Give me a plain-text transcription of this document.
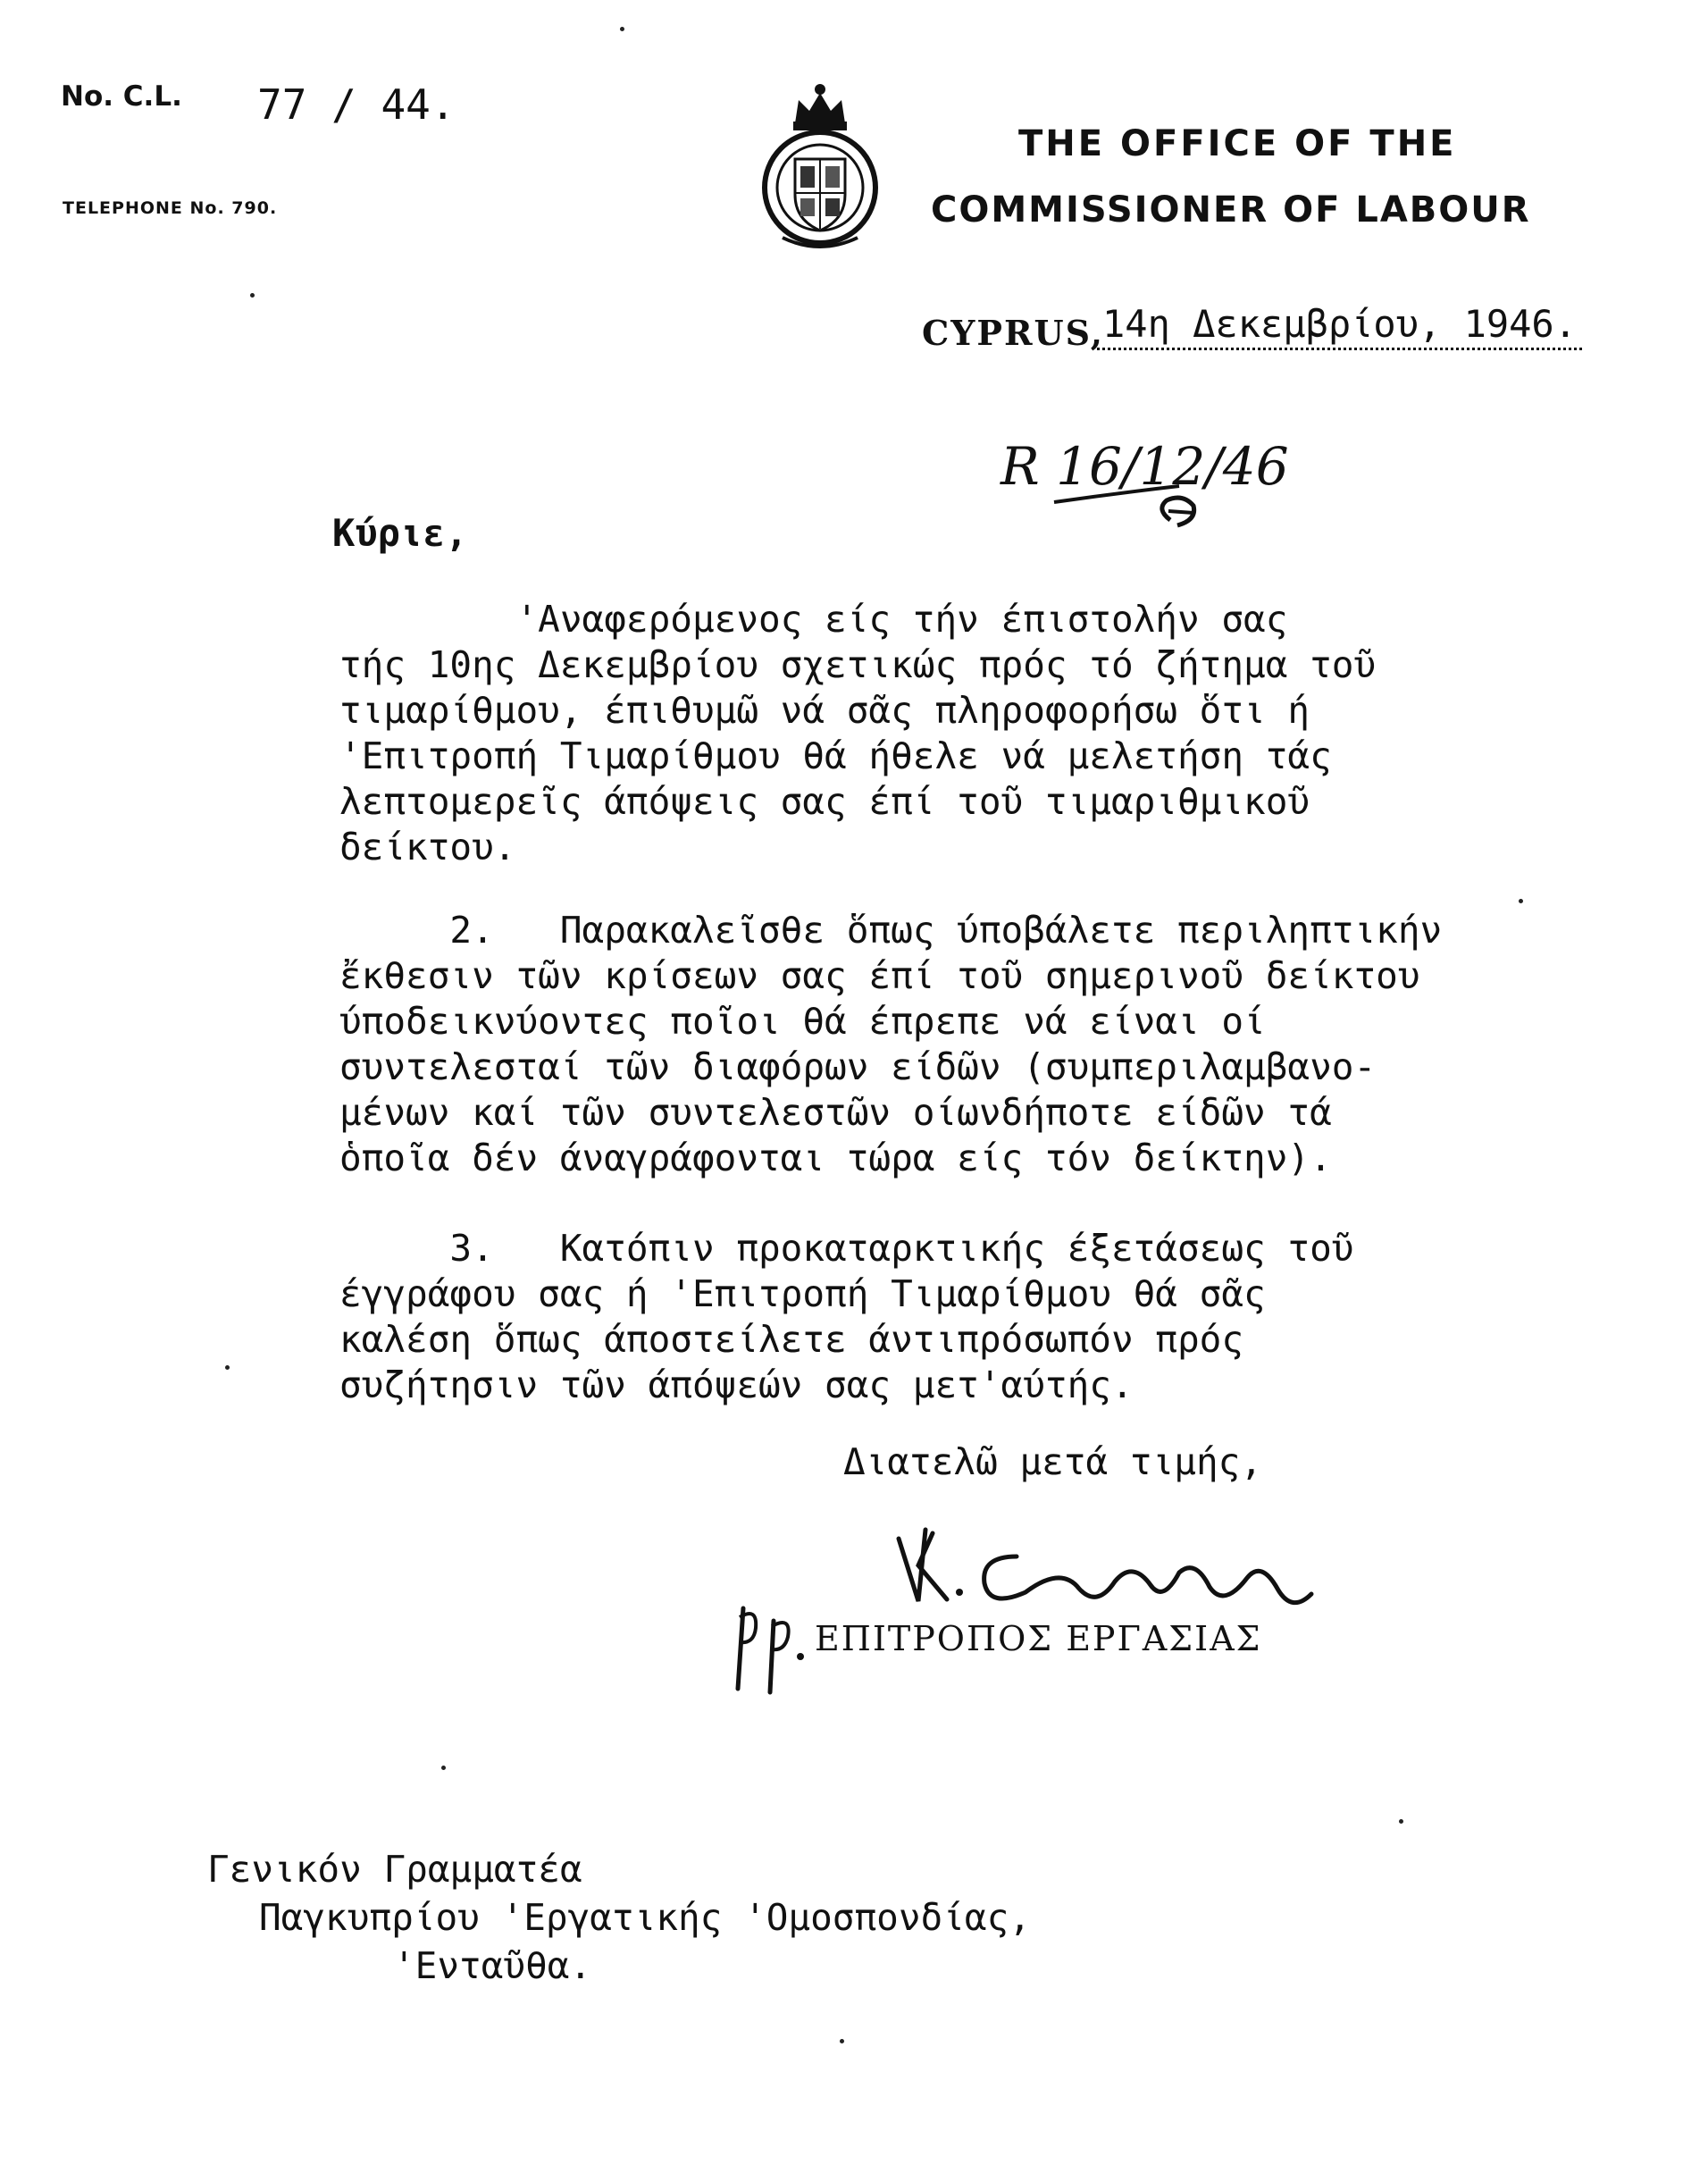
No. C.L. 77 / 44.
TELEPHONE No. 790.
THE OFFICE OF THE
COMMISSIONER OF LABOUR
CYPRUS,
14η Δεκεμβρίου, 1946.
R 16/12/46
Κύριε,

'Αναφερόμενος είς τήν έπιστολήν σας
τής 10ης Δεκεμβρίου σχετικώς πρός τό ζήτημα τοῦ
τιμαρίθμου, έπιθυμῶ νά σᾶς πληροφορήσω ὅτι ή
'Επιτροπή Τιμαρίθμου θά ήθελε νά μελετήση τάς
λεπτομερεῖς άπόψεις σας έπί τοῦ τιμαριθμικοῦ
δείκτου.

2.   Παρακαλεῖσθε ὅπως ύποβάλετε περιληπτικήν
ἔκθεσιν τῶν κρίσεων σας έπί τοῦ σημερινοῦ δείκτου
ύποδεικνύοντες ποῖοι θά έπρεπε νά είναι οί
συντελεσταί τῶν διαφόρων είδῶν (συμπεριλαμβανο-
μένων καί τῶν συντελεστῶν οίωνδήποτε είδῶν τά
ὁποῖα δέν άναγράφονται τώρα είς τόν δείκτην).

3.   Κατόπιν προκαταρκτικής έξετάσεως τοῦ
έγγράφου σας ή 'Επιτροπή Τιμαρίθμου θά σᾶς
καλέση ὅπως άποστείλετε άντιπρόσωπόν πρός
συζήτησιν τῶν άπόψεών σας μετ'αύτής.

Διατελῶ μετά τιμής,
ΕΠΙΤΡΟΠΟΣ ΕΡΓΑΣΙΑΣ
Γενικόν Γραμματέα
Παγκυπρίου 'Εργατικής 'Ομοσπονδίας,
'Ενταῦθα.
